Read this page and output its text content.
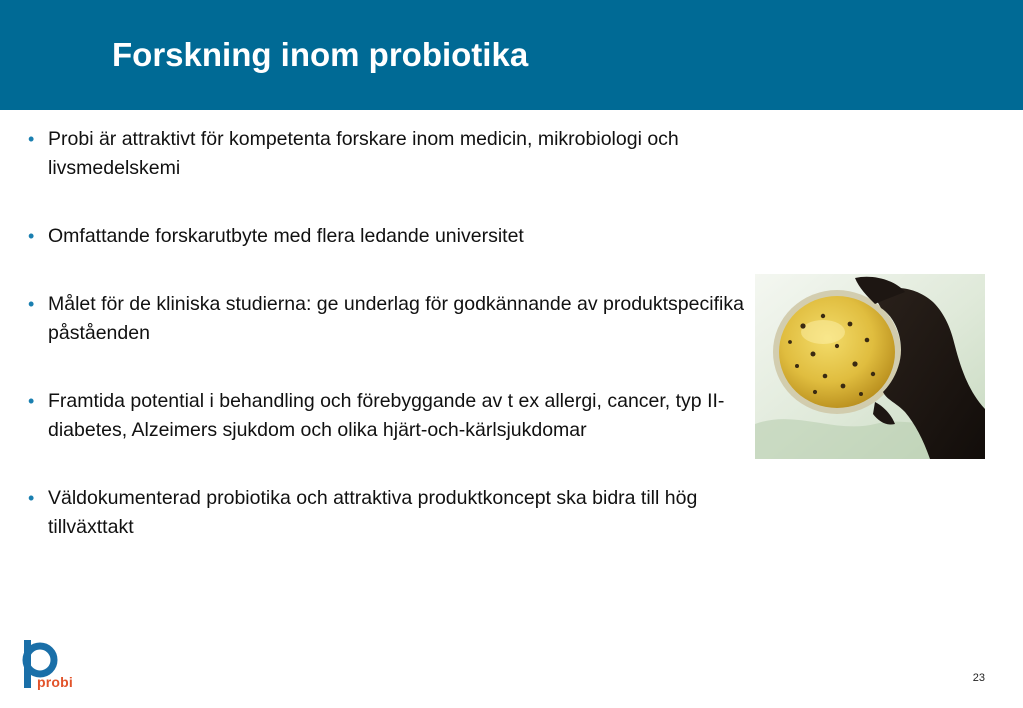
Forskning inom probiotika
• Probi är attraktivt för kompetenta forskare inom medicin, mikrobiologi och livsmedelskemi
• Omfattande forskarutbyte med flera ledande universitet
• Målet för de kliniska studierna: ge underlag för godkännande av produktspecifika påståenden
• Framtida potential i behandling och förebyggande av t ex allergi, cancer, typ II-diabetes, Alzeimers sjukdom och olika hjärt-och-kärlsjukdomar
• Väldokumenterad probiotika och attraktiva produktkoncept ska bidra till hög tillväxttakt
probi	23
